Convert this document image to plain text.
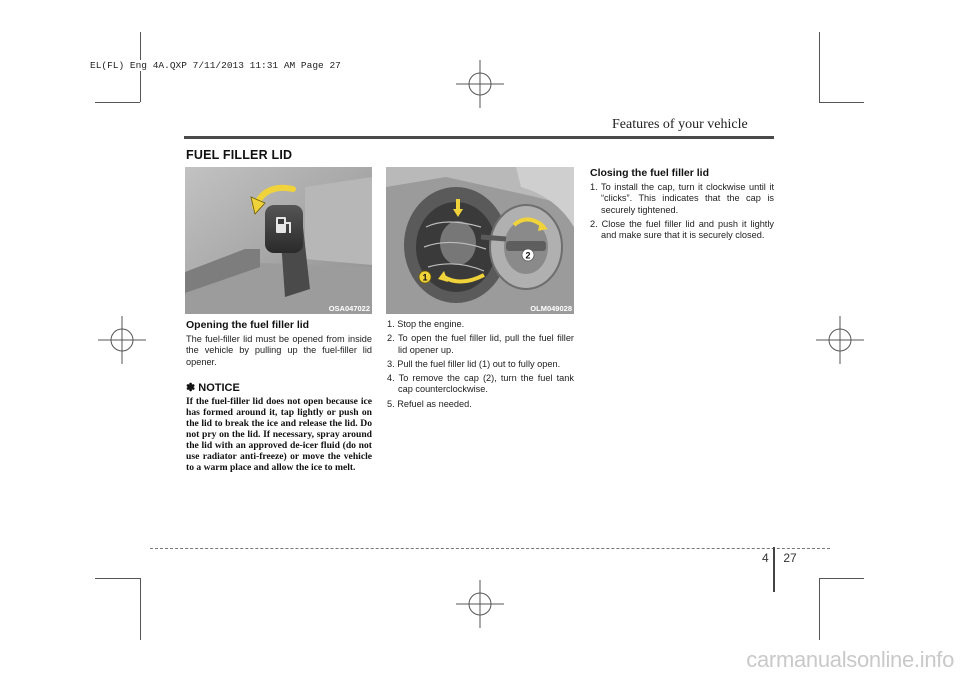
EL(FL) Eng 4A.QXP 7/11/2013 11:31 AM Page 27
Features of your vehicle
FUEL FILLER LID
OSA047022
1
2
OLM049028
Opening the fuel filler lid

The fuel-filler lid must be opened from inside the vehicle by pulling up the fuel-filler lid opener.

✽ NOTICE

If the fuel-filler lid does not open because ice has formed around it, tap lightly or push on the lid to break the ice and release the lid. Do not pry on the lid. If necessary, spray around the lid with an approved de-icer fluid (do not use radiator anti-freeze) or move the vehicle to a warm place and allow the ice to melt.

1. Stop the engine.
2. To open the fuel filler lid, pull the fuel filler lid opener up.
3. Pull the fuel filler lid (1) out to fully open.
4. To remove the cap (2), turn the fuel tank cap counterclockwise.
5. Refuel as needed.
Closing the fuel filler lid
1. To install the cap, turn it clockwise until it “clicks”. This indicates that the cap is securely tightened.
2. Close the fuel filler lid and push it lightly and make sure that it is securely closed.
4 27
carmanualsonline.info
